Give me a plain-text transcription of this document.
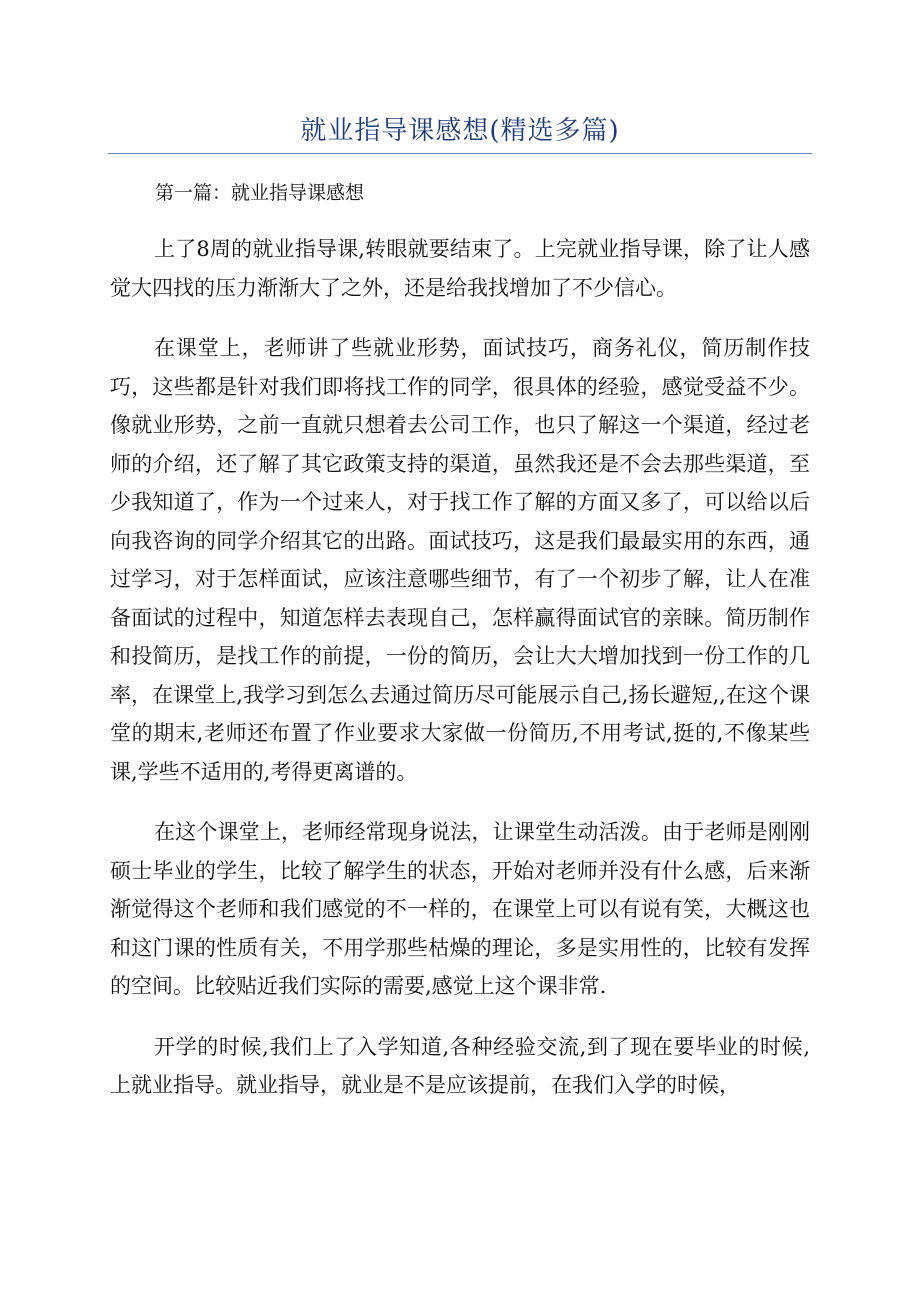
就业指导课感想(精选多篇)

第一篇：就业指导课感想

上了8周的就业指导课,转眼就要结束了。上完就业指导课，除了让人感觉大四找的压力渐渐大了之外，还是给我找增加了不少信心。

在课堂上，老师讲了些就业形势，面试技巧，商务礼仪，简历制作技巧，这些都是针对我们即将找工作的同学，很具体的经验，感觉受益不少。像就业形势，之前一直就只想着去公司工作，也只了解这一个渠道，经过老师的介绍，还了解了其它政策支持的渠道，虽然我还是不会去那些渠道，至少我知道了，作为一个过来人，对于找工作了解的方面又多了，可以给以后向我咨询的同学介绍其它的出路。面试技巧，这是我们最最实用的东西，通过学习，对于怎样面试，应该注意哪些细节，有了一个初步了解，让人在准备面试的过程中，知道怎样去表现自己，怎样赢得面试官的亲睐。简历制作和投简历，是找工作的前提，一份的简历，会让大大增加找到一份工作的几率，在课堂上,我学习到怎么去通过简历尽可能展示自己,扬长避短,,在这个课堂的期末,老师还布置了作业要求大家做一份简历,不用考试,挺的,不像某些课,学些不适用的,考得更离谱的。

在这个课堂上，老师经常现身说法，让课堂生动活泼。由于老师是刚刚硕士毕业的学生，比较了解学生的状态，开始对老师并没有什么感，后来渐渐觉得这个老师和我们感觉的不一样的，在课堂上可以有说有笑，大概这也和这门课的性质有关，不用学那些枯燥的理论，多是实用性的，比较有发挥的空间。比较贴近我们实际的需要,感觉上这个课非常.

开学的时候,我们上了入学知道,各种经验交流,到了现在要毕业的时候,上就业指导。就业指导，就业是不是应该提前，在我们入学的时候，
